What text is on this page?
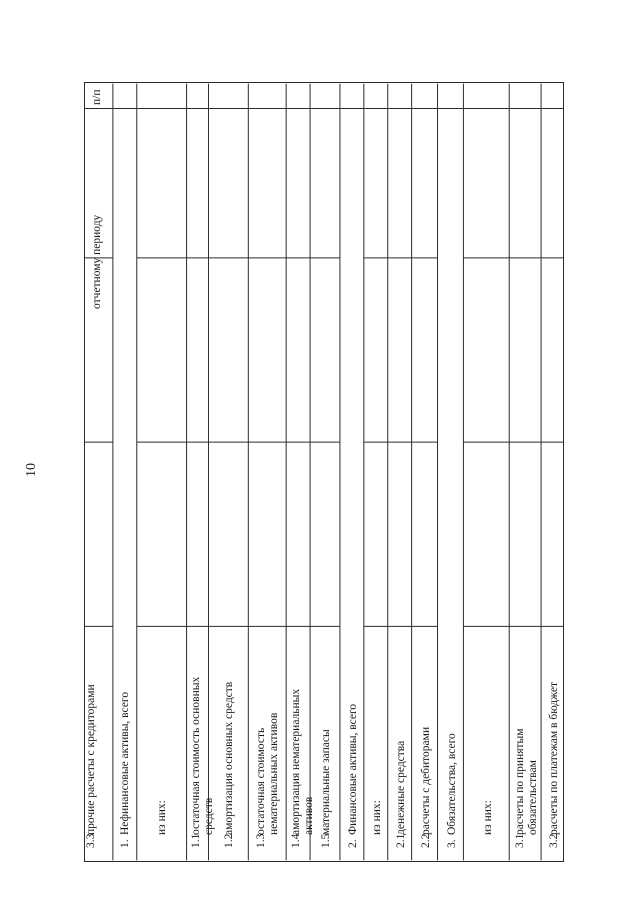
10
п/п
отчетному периоду
1.
Нефинансовые активы, всего из них:
1.1
остаточная стоимость основных средств
1.2
амортизация основных средств
1.3
остаточная стоимость нематериальных активов
1.4
амортизация нематериальных активов
1.5
материальные запасы
2.
Финансовые активы, всего из них:
2.1
денежные средства
2.2
расчеты с дебиторами
3.
Обязательства, всего из них:
3.1
расчеты по принятым обязательствам
3.2
расчеты по платежам в бюджет
3.3
прочие расчеты с кредиторами
